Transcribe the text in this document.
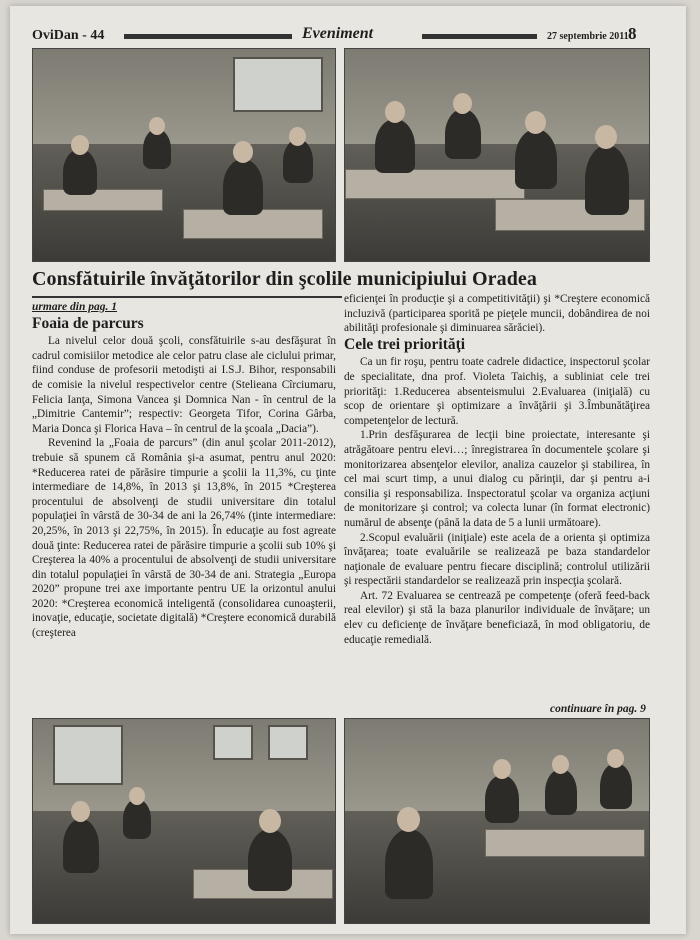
OviDan - 44	Eveniment	27 septembrie 2011 8
Consfătuirile învăţătorilor din şcolile municipiului Oradea
urmare din pag. 1
Foaia de parcurs

La nivelul celor două şcoli, consfătuirile s-au desfăşurat în cadrul comisiilor metodice ale celor patru clase ale ciclului primar, fiind conduse de profesorii metodişti ai I.S.J. Bihor, responsabili de comisie la nivelul respectivelor centre (Stelieana Cîrciumaru, Felicia Ianţa, Simona Vancea şi Domnica Nan - în centrul de la „Dimitrie Cantemir”; respectiv: Georgeta Tifor, Corina Gârba, Maria Donca şi Florica Hava – în centrul de la şcoala „Dacia”).

Revenind la „Foaia de parcurs” (din anul şcolar 2011-2012), trebuie să spunem că România şi-a asumat, pentru anul 2020: *Reducerea ratei de părăsire timpurie a şcolii la 11,3%, cu ţinte intermediare de 14,8%, în 2013 şi 13,8%, în 2015 *Creşterea procentului de absolvenţi de studii universitare din totalul populaţiei în vârstă de 30-34 de ani la 26,74% (ţinte intermediare: 20,25%, în 2013 şi 22,75%, în 2015). În educaţie au fost agreate două ţinte: Reducerea ratei de părăsire timpurie a şcolii sub 10% şi Creşterea la 40% a procentului de absolvenţi de studii universitare din totalul populaţiei în vârstă de 30-34 de ani. Strategia „Europa 2020” propune trei axe importante pentru UE la orizontul anului 2020: *Creşterea economică inteligentă (consolidarea cunoaşterii, inovaţie, educaţie, societate digitală) *Creştere economică durabilă (creşterea

eficienţei în producţie şi a competitivităţii) şi *Creştere economică incluzivă (participarea sporită pe pieţele muncii, dobândirea de noi abilităţi profesionale şi diminuarea sărăciei).

Cele trei priorităţi

Ca un fir roşu, pentru toate cadrele didactice, inspectorul şcolar de specialitate, dna prof. Violeta Taichiş, a subliniat cele trei priorităţi: 1.Reducerea absenteismului 2.Evaluarea (iniţială) cu scop de orientare şi optimizare a învăţării şi 3.Îmbunătăţirea competenţelor de lectură.

1.Prin desfăşurarea de lecţii bine proiectate, interesante şi atrăgătoare pentru elevi…; înregistrarea în documentele şcolare şi monitorizarea absenţelor elevilor, analiza cauzelor şi stabilirea, în cel mai scurt timp, a unui dialog cu părinţii, dar şi pentru a-i consilia şi responsabiliza. Inspectoratul şcolar va organiza acţiuni de monitorizare şi control; va colecta lunar (în format electronic) numărul de absenţe (până la data de 5 a lunii următoare).

2.Scopul evaluării (iniţiale) este acela de a orienta şi optimiza învăţarea; toate evaluările se realizează pe baza standardelor naţionale de evaluare pentru fiecare disciplină; controlul utilizării şi respectării standardelor se realizează prin inspecţia şcolară.

Art. 72 Evaluarea se centrează pe competenţe (oferă feed-back real elevilor) şi stă la baza planurilor individuale de învăţare; un elev cu deficienţe de învăţare beneficiază, în mod obligatoriu, de educaţie remedială.

continuare în pag. 9
